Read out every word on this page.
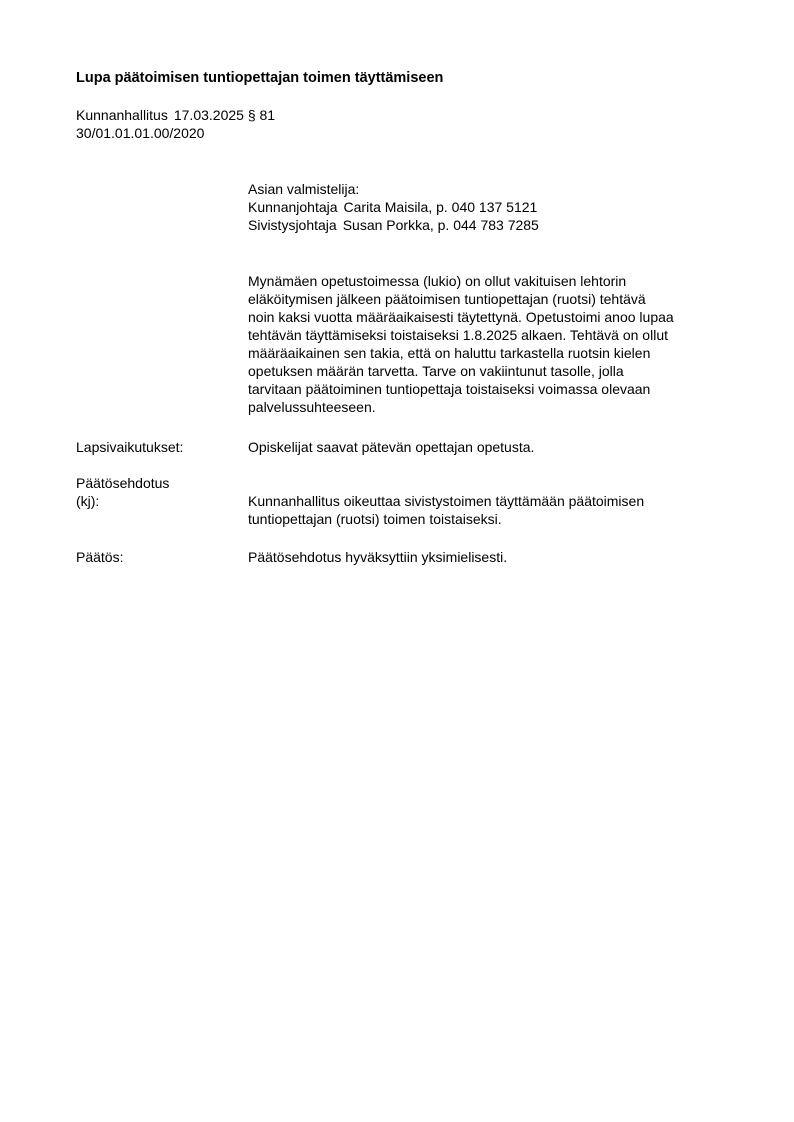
Lupa päätoimisen tuntiopettajan toimen täyttämiseen
Kunnanhallitus 17.03.2025 § 81
30/01.01.01.00/2020
Asian valmistelija:
Kunnanjohtaja Carita Maisila, p. 040 137 5121
Sivistysjohtaja Susan Porkka, p. 044 783 7285
Mynämäen opetustoimessa (lukio) on ollut vakituisen lehtorin
eläköitymisen jälkeen päätoimisen tuntiopettajan (ruotsi) tehtävä
noin kaksi vuotta määräaikaisesti täytettynä. Opetustoimi anoo lupaa
tehtävän täyttämiseksi toistaiseksi 1.8.2025 alkaen. Tehtävä on ollut
määräaikainen sen takia, että on haluttu tarkastella ruotsin kielen
opetuksen määrän tarvetta. Tarve on vakiintunut tasolle, jolla
tarvitaan päätoiminen tuntiopettaja toistaiseksi voimassa olevaan
palvelussuhteeseen.
Lapsivaikutukset:	Opiskelijat saavat pätevän opettajan opetusta.
Päätösehdotus
(kj):	Kunnanhallitus oikeuttaa sivistystoimen täyttämään päätoimisen
tuntiopettajan (ruotsi) toimen toistaiseksi.
Päätös:	Päätösehdotus hyväksyttiin yksimielisesti.
